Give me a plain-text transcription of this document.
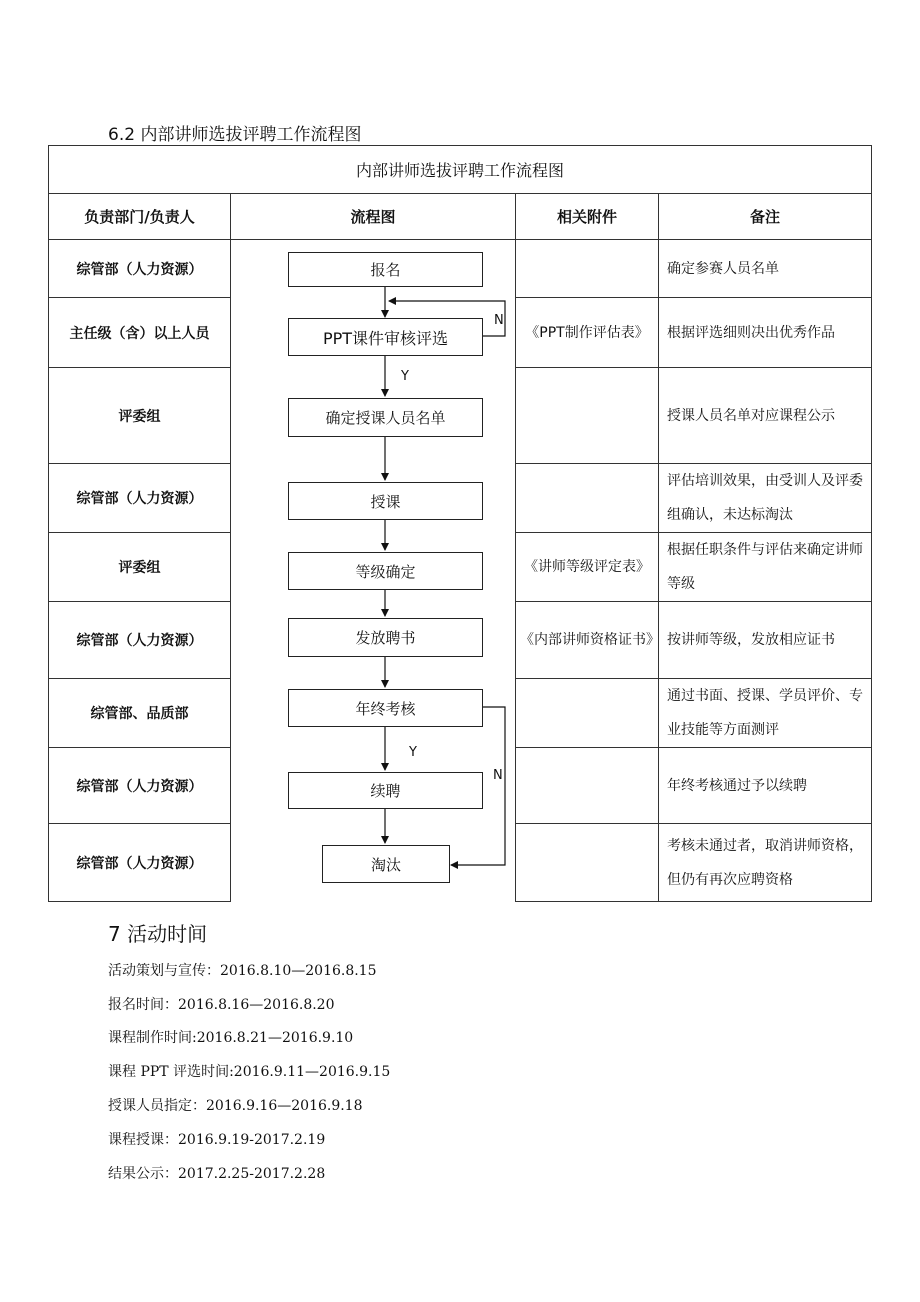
6.2 内部讲师选拔评聘工作流程图
内部讲师选拔评聘工作流程图			
负责部门/负责人	流程图	相关附件	备注
综管部（人力资源）			确定参赛人员名单
主任级（含）以上人员		《PPT制作评估表》	根据评选细则决出优秀作品
评委组			授课人员名单对应课程公示
综管部（人力资源）			评估培训效果，由受训人及评委组确认，未达标淘汰
评委组		《讲师等级评定表》	根据任职条件与评估来确定讲师等级
综管部（人力资源）		《内部讲师资格证书》	按讲师等级，发放相应证书
综管部、品质部			通过书面、授课、学员评价、专业技能等方面测评
综管部（人力资源）			年终考核通过予以续聘
综管部（人力资源）			考核未通过者，取消讲师资格，但仍有再次应聘资格
报名
PPT课件审核评选
确定授课人员名单
授课
等级确定
发放聘书
年终考核
续聘
淘汰
N
Y
Y
N
7 活动时间
活动策划与宣传：2016.8.10—2016.8.15
报名时间：2016.8.16—2016.8.20
课程制作时间:2016.8.21—2016.9.10
课程 PPT 评选时间:2016.9.11—2016.9.15
授课人员指定：2016.9.16—2016.9.18
课程授课：2016.9.19-2017.2.19
结果公示：2017.2.25-2017.2.28
